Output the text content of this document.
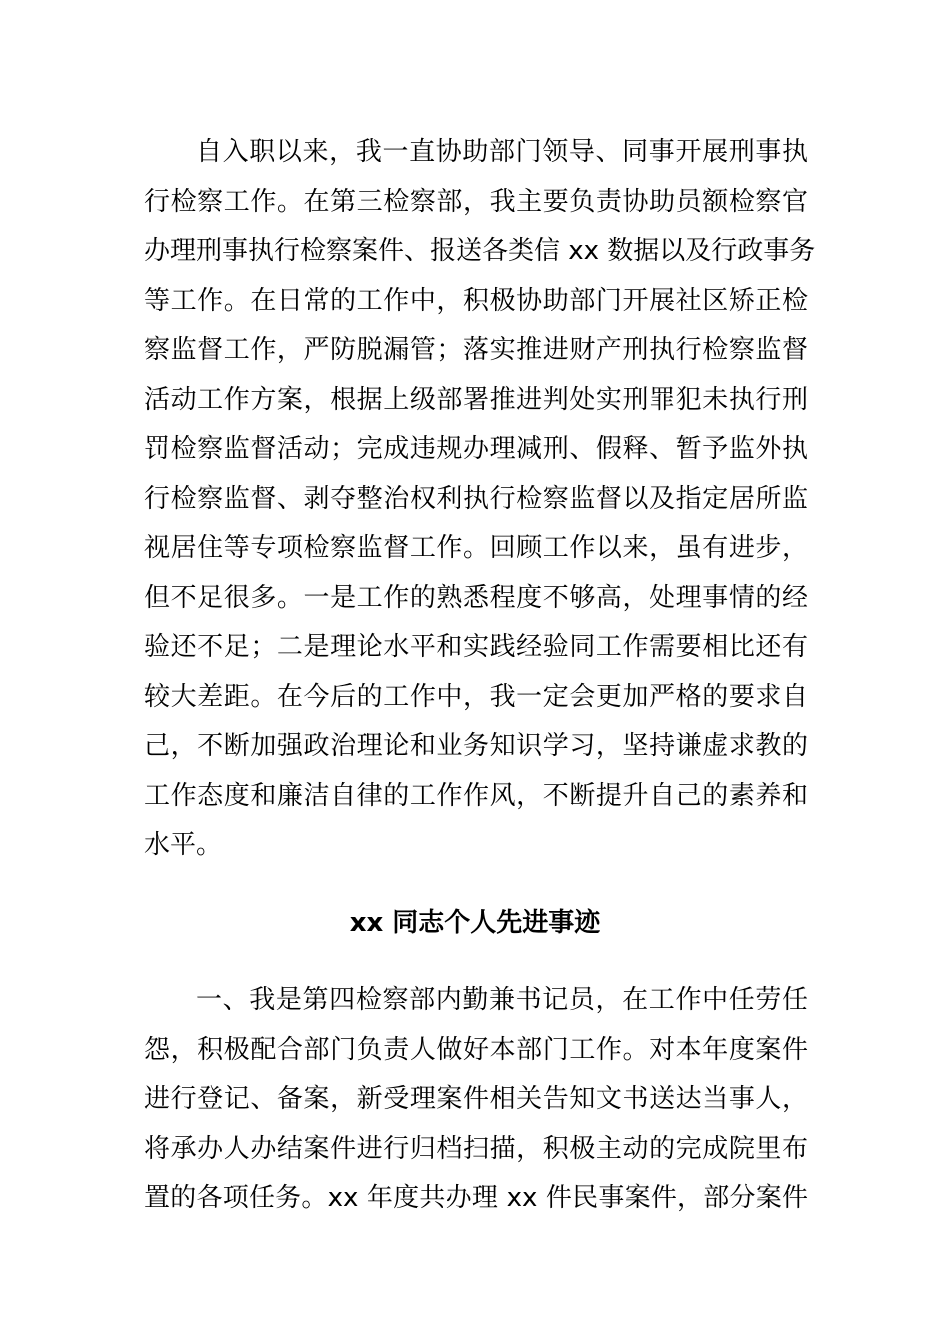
自入职以来，我一直协助部门领导、同事开展刑事执
行检察工作。在第三检察部，我主要负责协助员额检察官
办理刑事执行检察案件、报送各类信 xx 数据以及行政事务
等工作。在日常的工作中，积极协助部门开展社区矫正检
察监督工作，严防脱漏管；落实推进财产刑执行检察监督
活动工作方案，根据上级部署推进判处实刑罪犯未执行刑
罚检察监督活动；完成违规办理减刑、假释、暂予监外执
行检察监督、剥夺整治权利执行检察监督以及指定居所监
视居住等专项检察监督工作。回顾工作以来，虽有进步，
但不足很多。一是工作的熟悉程度不够高，处理事情的经
验还不足；二是理论水平和实践经验同工作需要相比还有
较大差距。在今后的工作中，我一定会更加严格的要求自
己，不断加强政治理论和业务知识学习，坚持谦虚求教的
工作态度和廉洁自律的工作作风，不断提升自己的素养和
水平。
xx 同志个人先进事迹
一、我是第四检察部内勤兼书记员，在工作中任劳任
怨，积极配合部门负责人做好本部门工作。对本年度案件
进行登记、备案，新受理案件相关告知文书送达当事人，
将承办人办结案件进行归档扫描，积极主动的完成院里布
置的各项任务。xx 年度共办理 xx 件民事案件，部分案件
